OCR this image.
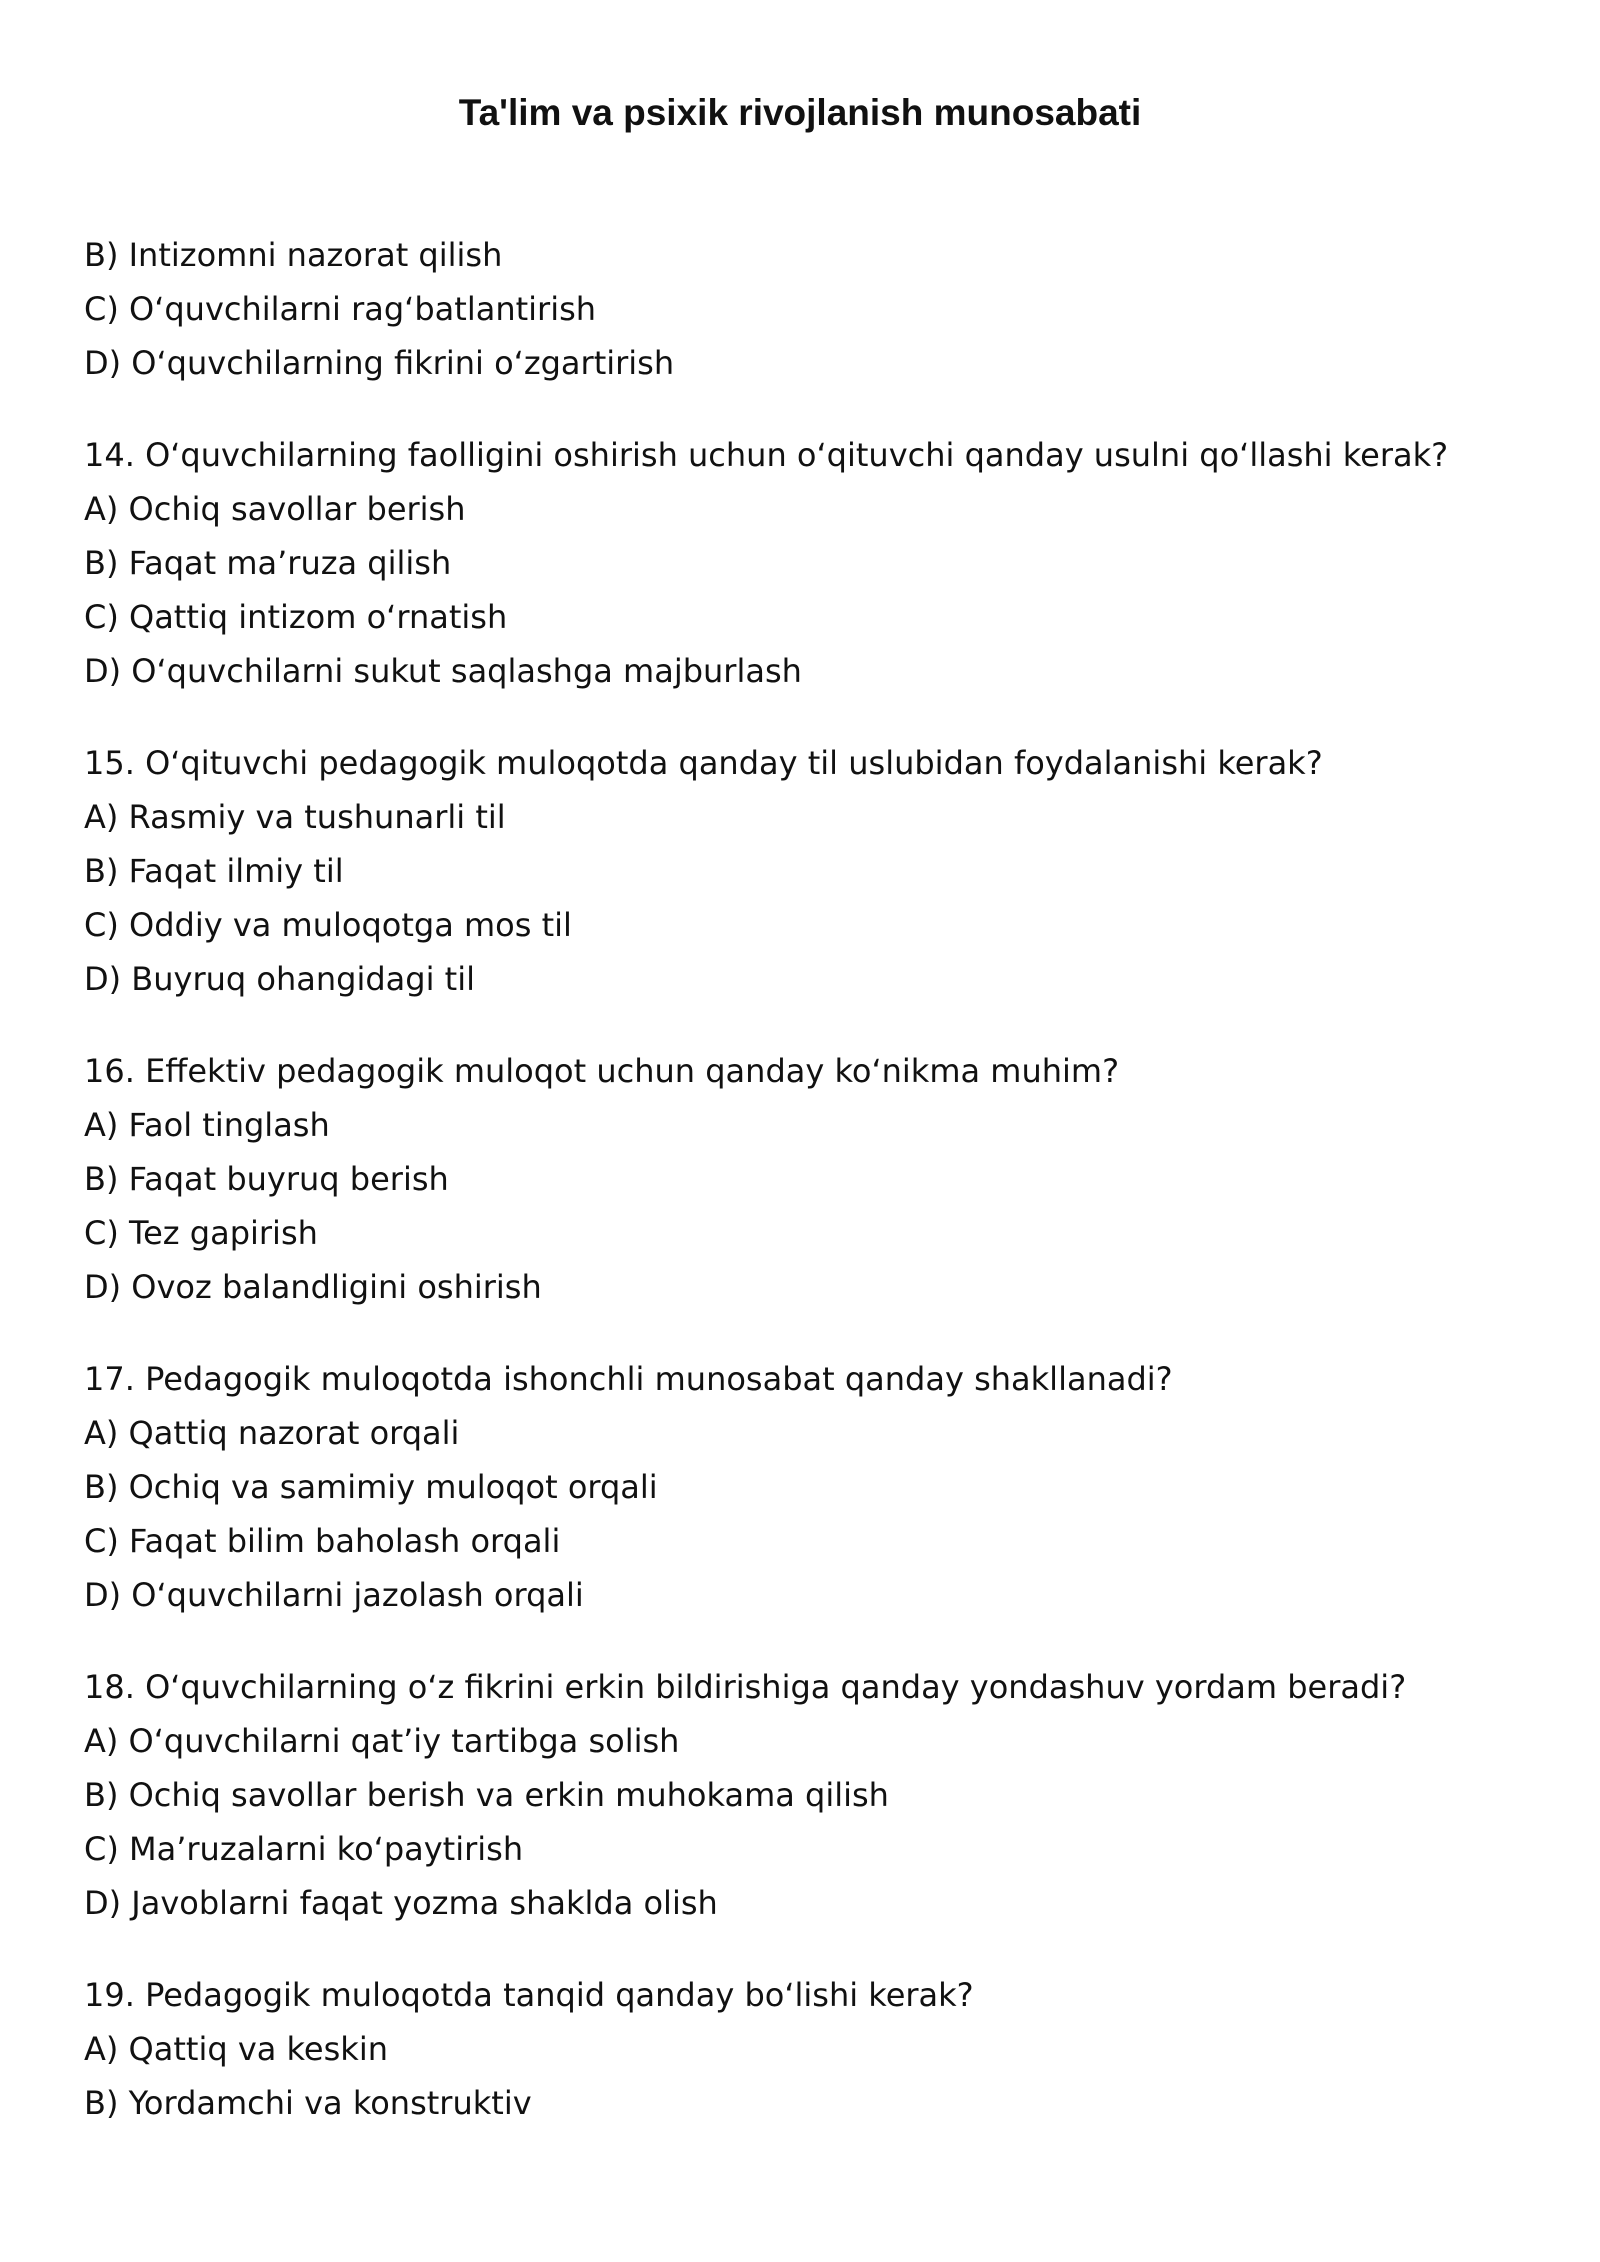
Ta'lim va psixik rivojlanish munosabati
B) Intizomni nazorat qilish
C) O‘quvchilarni rag‘batlantirish
D) O‘quvchilarning fikrini o‘zgartirish
14. O‘quvchilarning faolligini oshirish uchun o‘qituvchi qanday usulni qo‘llashi kerak?
A) Ochiq savollar berish
B) Faqat ma’ruza qilish
C) Qattiq intizom o‘rnatish
D) O‘quvchilarni sukut saqlashga majburlash
15. O‘qituvchi pedagogik muloqotda qanday til uslubidan foydalanishi kerak?
A) Rasmiy va tushunarli til
B) Faqat ilmiy til
C) Oddiy va muloqotga mos til
D) Buyruq ohangidagi til
16. Effektiv pedagogik muloqot uchun qanday ko‘nikma muhim?
A) Faol tinglash
B) Faqat buyruq berish
C) Tez gapirish
D) Ovoz balandligini oshirish
17. Pedagogik muloqotda ishonchli munosabat qanday shakllanadi?
A) Qattiq nazorat orqali
B) Ochiq va samimiy muloqot orqali
C) Faqat bilim baholash orqali
D) O‘quvchilarni jazolash orqali
18. O‘quvchilarning o‘z fikrini erkin bildirishiga qanday yondashuv yordam beradi?
A) O‘quvchilarni qat’iy tartibga solish
B) Ochiq savollar berish va erkin muhokama qilish
C) Ma’ruzalarni ko‘paytirish
D) Javoblarni faqat yozma shaklda olish
19. Pedagogik muloqotda tanqid qanday bo‘lishi kerak?
A) Qattiq va keskin
B) Yordamchi va konstruktiv
